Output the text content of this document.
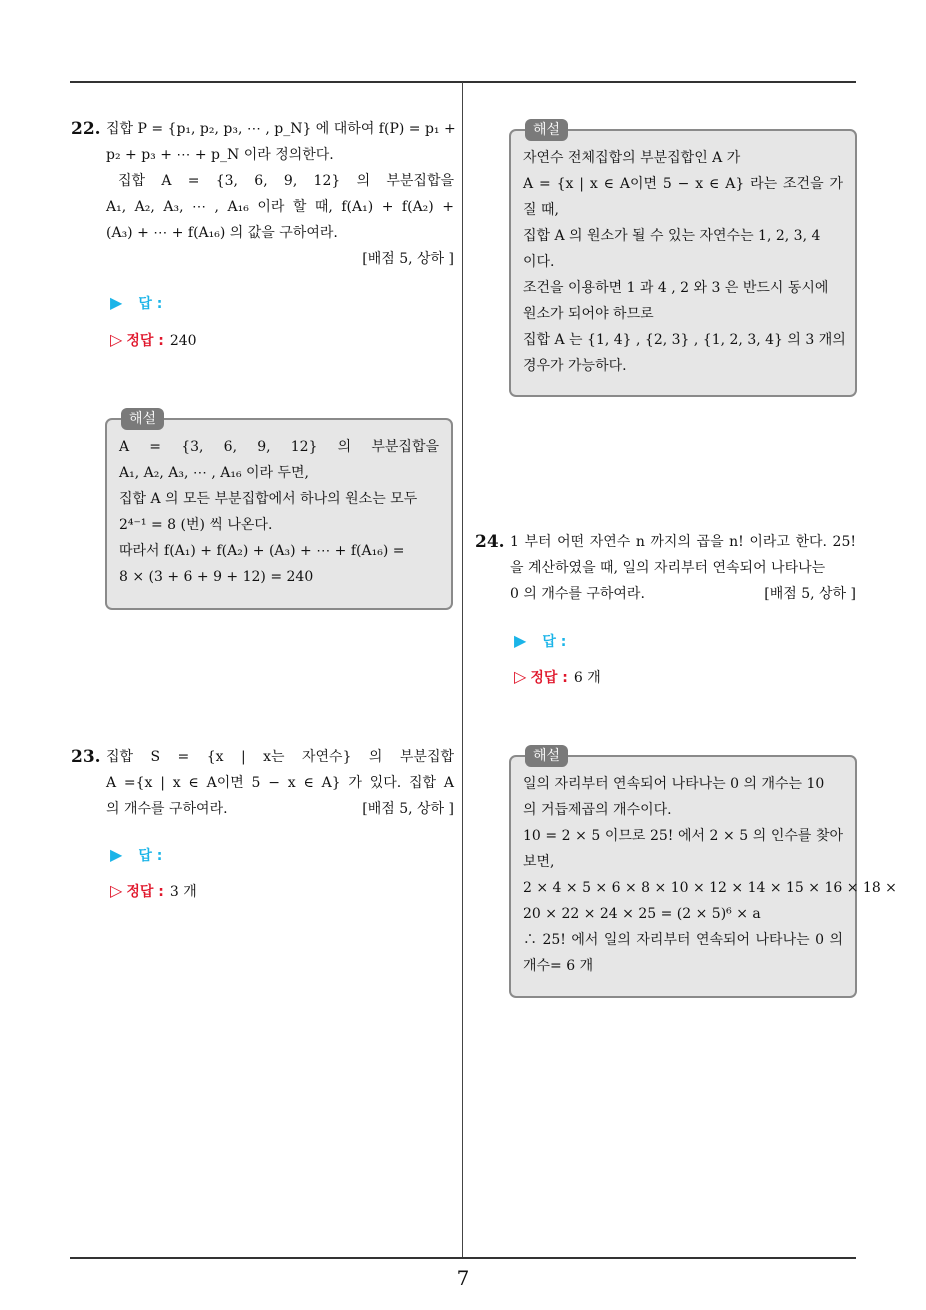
22. 집합 P = {p₁, p₂, p₃, ⋯ , p_N} 에 대하여 f(P) = p₁ +
p₂ + p₃ + ⋯ + p_N 이라 정의한다.
집합 A = {3, 6, 9, 12} 의 부분집합을
A₁, A₂, A₃, ⋯ , A₁₆ 이라 할 때, f(A₁) + f(A₂) +
(A₃) + ⋯ + f(A₁₆) 의 값을 구하여라.
[배점 5, 상하 ]
▶ 답 :
▷ 정답 : 240
해설
A = {3, 6, 9, 12} 의 부분집합을
A₁, A₂, A₃, ⋯ , A₁₆ 이라 두면,
집합 A 의 모든 부분집합에서 하나의 원소는 모두
2⁴⁻¹ = 8 (번) 씩 나온다.
따라서 f(A₁) + f(A₂) + (A₃) + ⋯ + f(A₁₆) =
8 × (3 + 6 + 9 + 12) = 240
23. 집합 S = {x | x는 자연수} 의 부분집합
A ={x | x ∈ A이면 5 − x ∈ A} 가 있다. 집합 A
의 개수를 구하여라.	[배점 5, 상하 ]
▶ 답 :
▷ 정답 : 3 개
해설
자연수 전체집합의 부분집합인 A 가
A = {x | x ∈ A이면 5 − x ∈ A} 라는 조건을 가
질 때,
집합 A 의 원소가 될 수 있는 자연수는 1, 2, 3, 4
이다.
조건을 이용하면 1 과 4 , 2 와 3 은 반드시 동시에
원소가 되어야 하므로
집합 A 는 {1, 4} , {2, 3} , {1, 2, 3, 4} 의 3 개의
경우가 가능하다.
24. 1 부터 어떤 자연수 n 까지의 곱을 n! 이라고 한다. 25!
을 계산하였을 때, 일의 자리부터 연속되어 나타나는
0 의 개수를 구하여라.	[배점 5, 상하 ]
▶ 답 :
▷ 정답 : 6 개
해설
일의 자리부터 연속되어 나타나는 0 의 개수는 10
의 거듭제곱의 개수이다.
10 = 2 × 5 이므로 25! 에서 2 × 5 의 인수를 찾아
보면,
2 × 4 × 5 × 6 × 8 × 10 × 12 × 14 × 15 × 16 × 18 ×
20 × 22 × 24 × 25 = (2 × 5)⁶ × a
∴ 25! 에서 일의 자리부터 연속되어 나타나는 0 의
개수= 6 개
7
